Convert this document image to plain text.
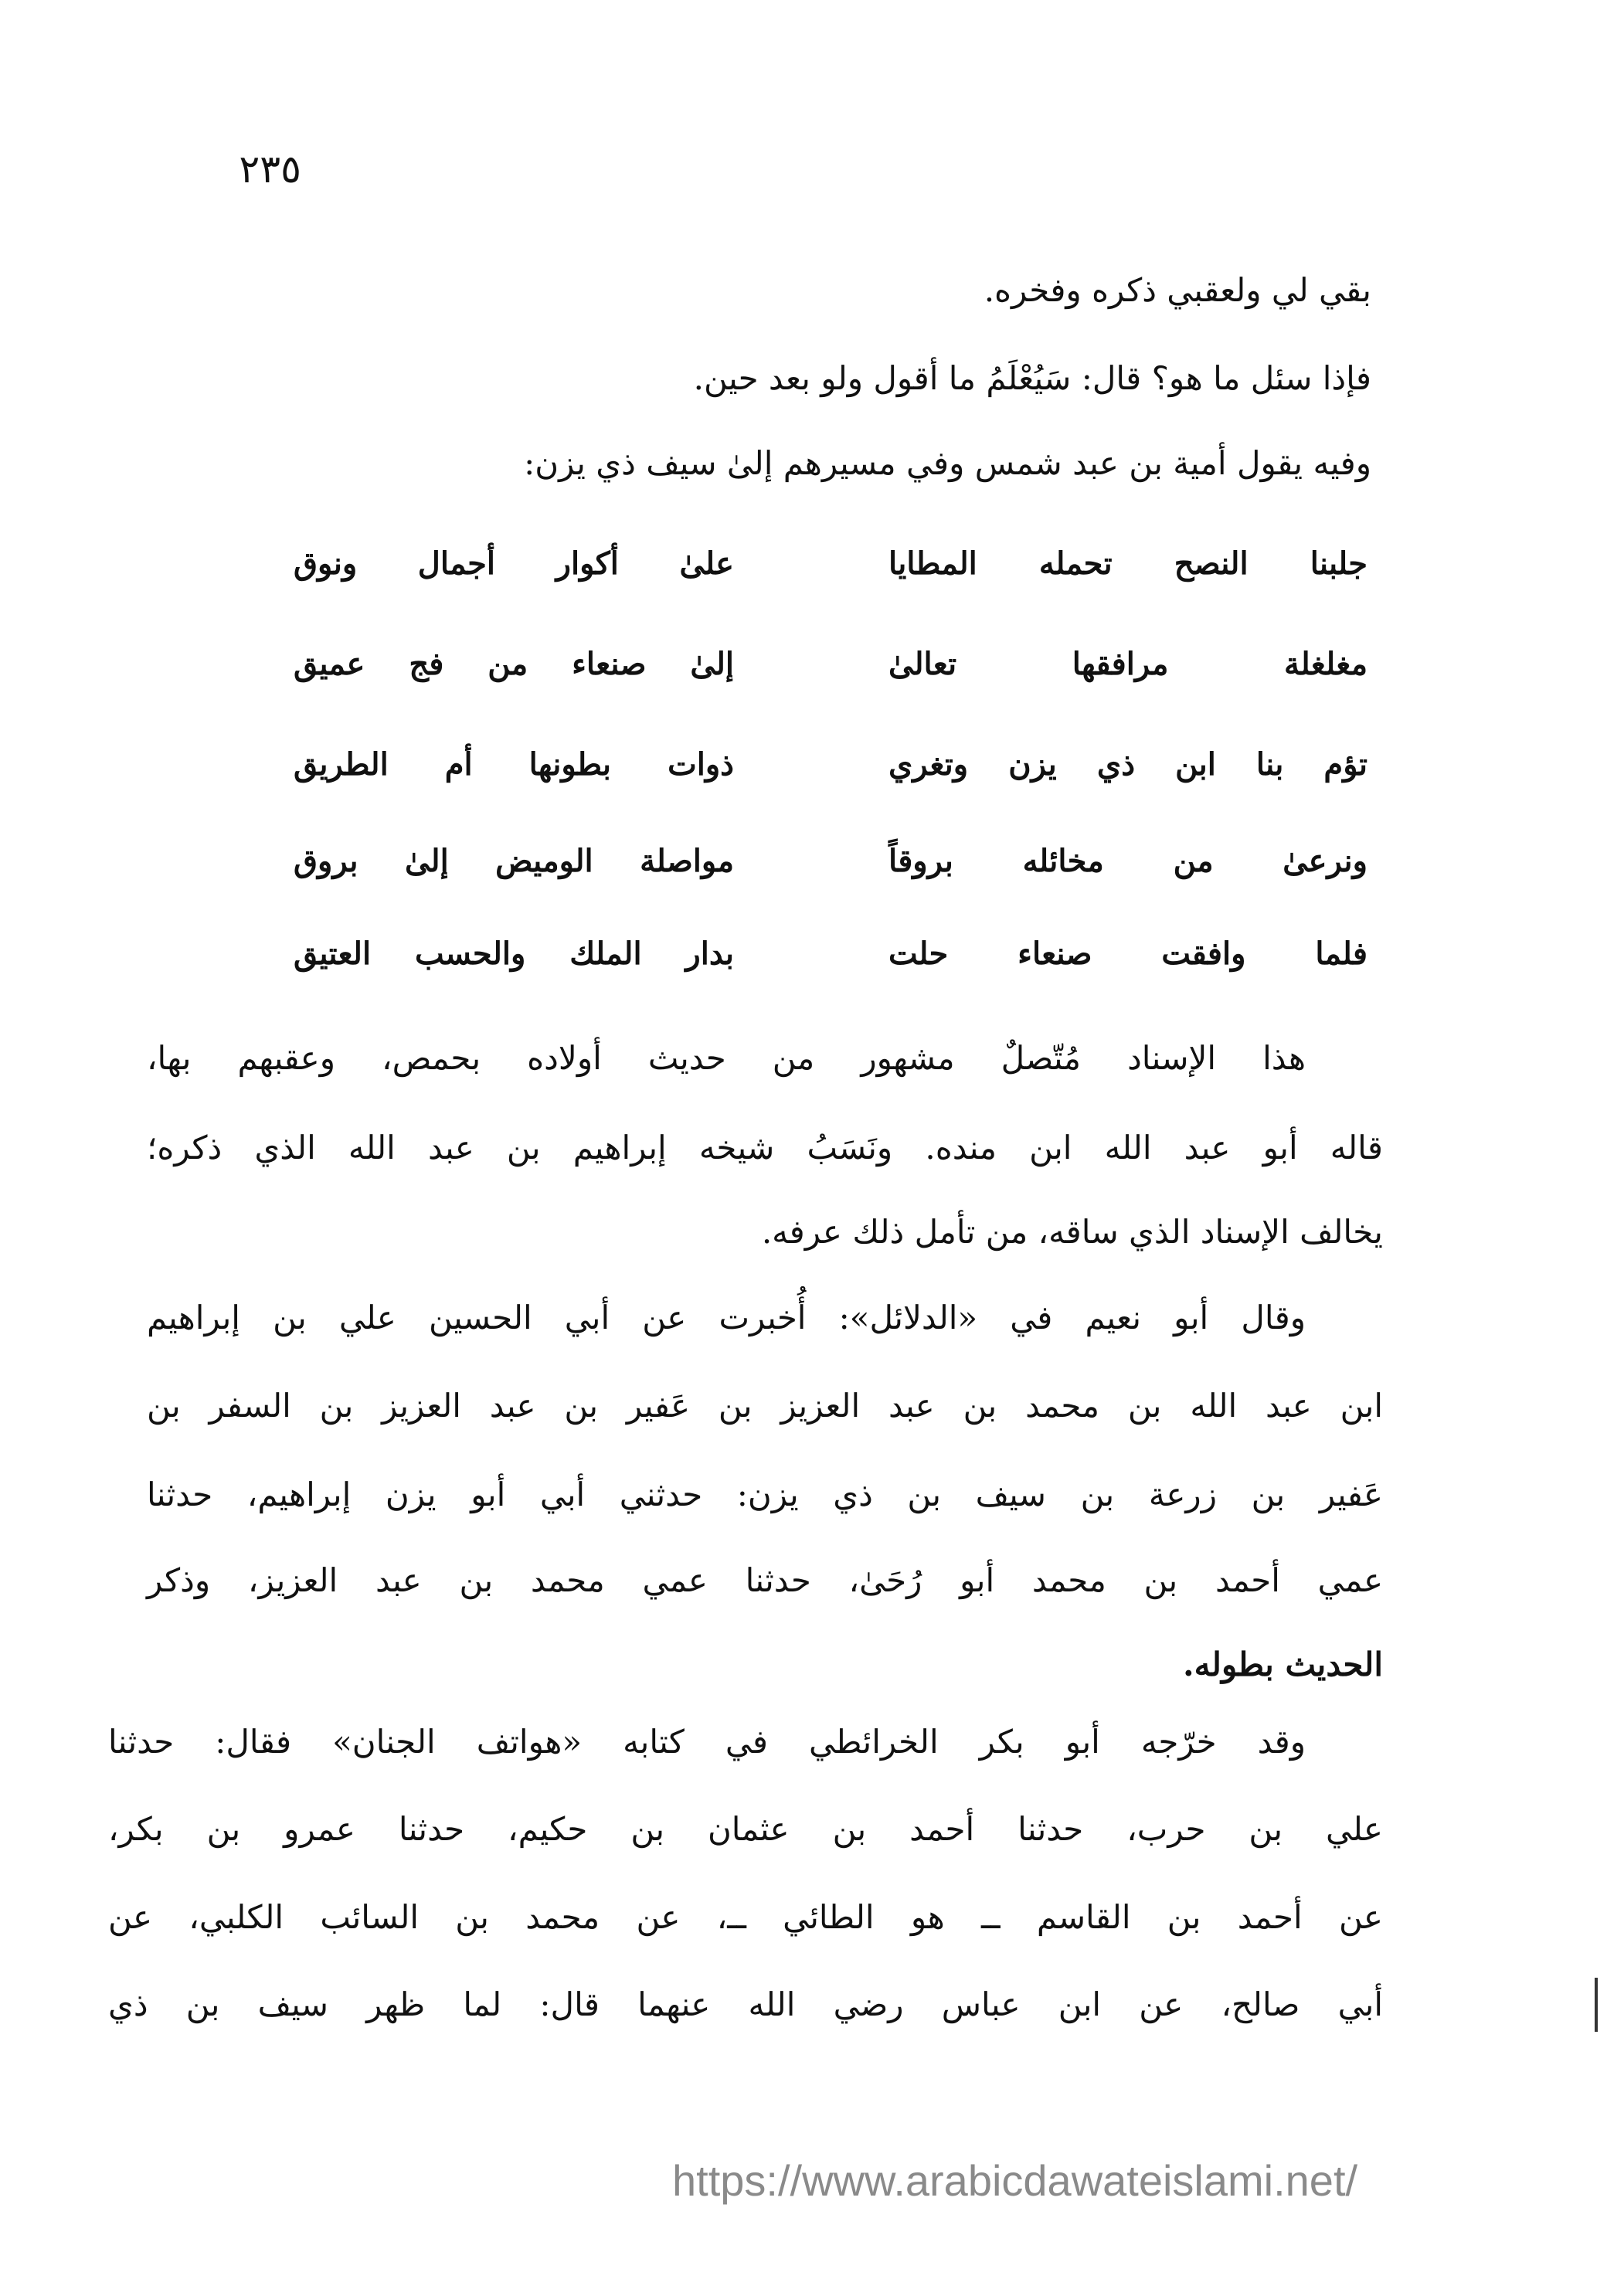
٢٣٥
بقي لي ولعقبي ذكره وفخره.
فإذا سئل ما هو؟ قال: سَيُعْلَمُ ما أقول ولو بعد حين.
وفيه يقول أمية بن عبد شمس وفي مسيرهم إلىٰ سيف ذي يزن:
جلبنا النصح تحمله المطايا
علىٰ أكوار أجمال ونوق
مغلغلة مرافقها تعالىٰ
إلىٰ صنعاء من فج عميق
تؤم بنا ابن ذي يزن وتغري
ذوات بطونها أم الطريق
ونرعىٰ من مخائله بروقاً
مواصلة الوميض إلىٰ بروق
فلما وافقت صنعاء حلت
بدار الملك والحسب العتيق
هذا الإسناد مُتّصلٌ مشهور من حديث أولاده بحمص، وعقبهم بها،
قاله أبو عبد الله ابن منده. ونَسَبُ شيخه إبراهيم بن عبد الله الذي ذكره؛
يخالف الإسناد الذي ساقه، من تأمل ذلك عرفه.
وقال أبو نعيم في «الدلائل»: أُخبرت عن أبي الحسين علي بن إبراهيم
ابن عبد الله بن محمد بن عبد العزيز بن عَفير بن عبد العزيز بن السفر بن
عَفير بن زرعة بن سيف بن ذي يزن: حدثني أبي أبو يزن إبراهيم، حدثنا
عمي أحمد بن محمد أبو رُحَىٰ، حدثنا عمي محمد بن عبد العزيز، وذكر
الحديث بطوله.
وقد خرّجه أبو بكر الخرائطي في كتابه «هواتف الجنان» فقال: حدثنا
علي بن حرب، حدثنا أحمد بن عثمان بن حكيم، حدثنا عمرو بن بكر،
عن أحمد بن القاسم ــ هو الطائي ــ، عن محمد بن السائب الكلبي، عن
أبي صالح، عن ابن عباس رضي الله عنهما قال: لما ظهر سيف بن ذي
https://www.arabicdawateislami.net/
